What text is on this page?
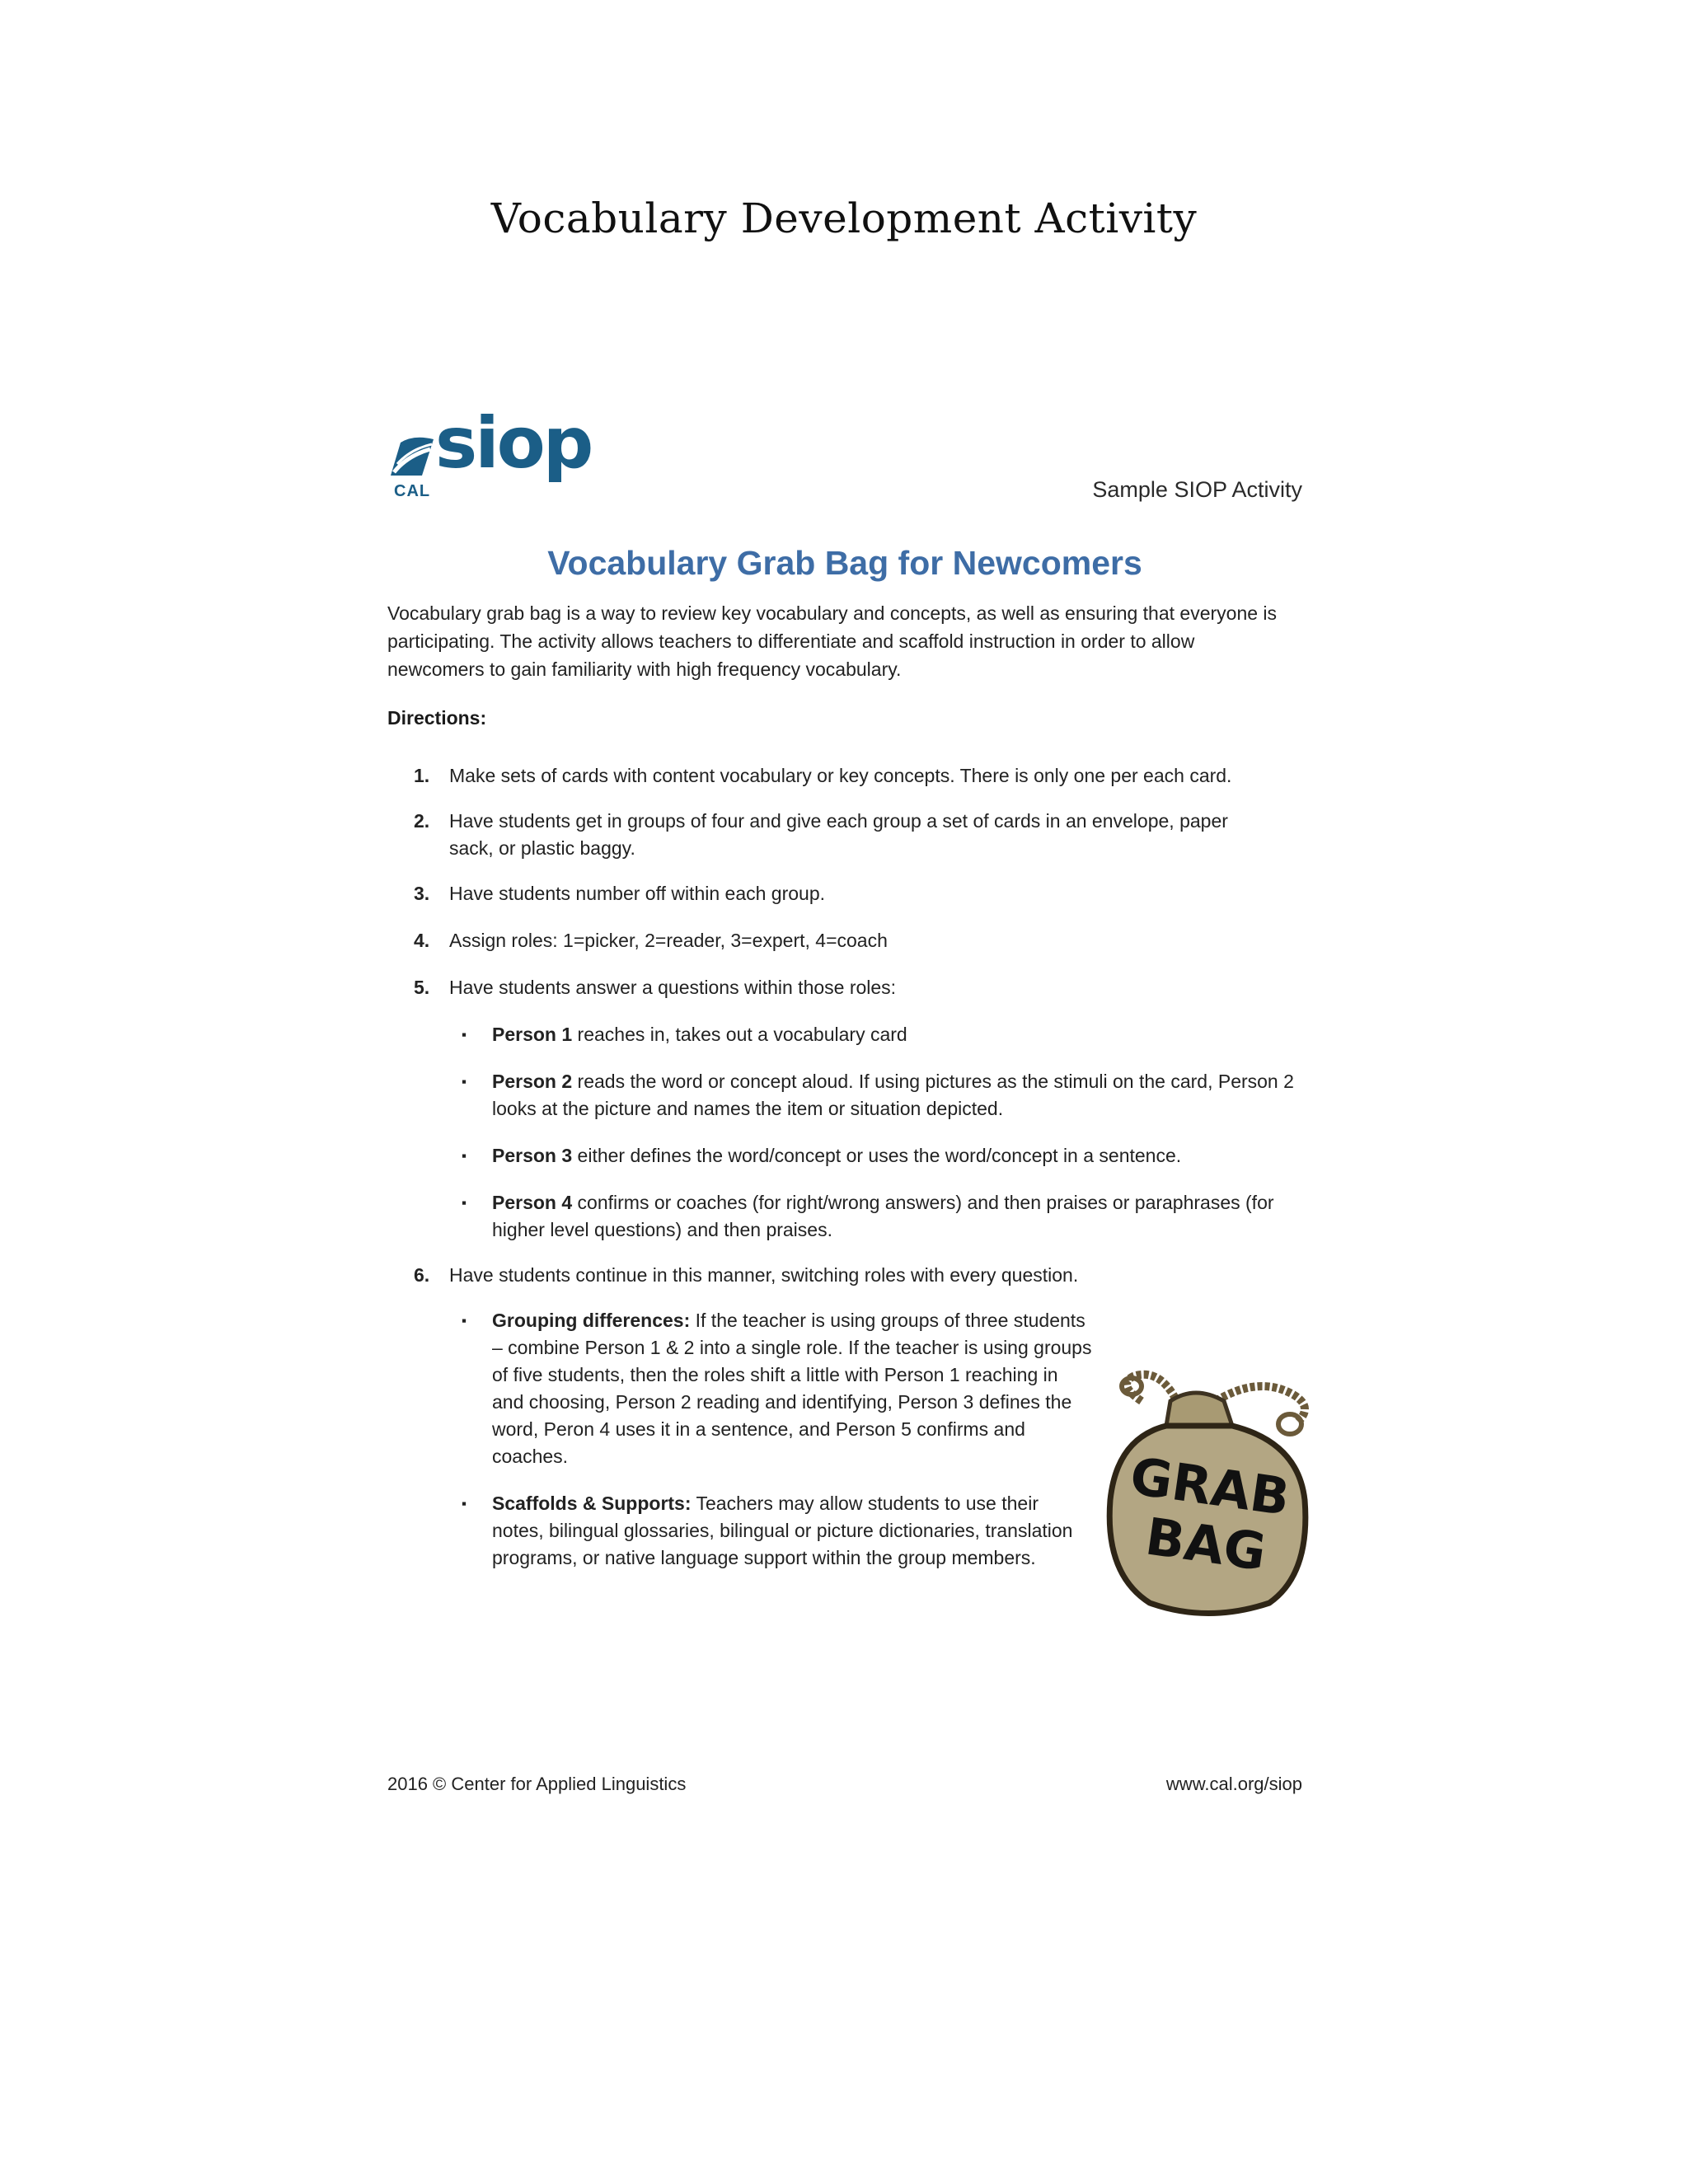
Vocabulary Development Activity
siop
CAL	Sample SIOP Activity
Vocabulary Grab Bag for Newcomers

Vocabulary grab bag is a way to review key vocabulary and concepts, as well as ensuring that everyone is participating. The activity allows teachers to differentiate and scaffold instruction in order to allow newcomers to gain familiarity with high frequency vocabulary.

Directions:

1. Make sets of cards with content vocabulary or key concepts. There is only one per each card.
2. Have students get in groups of four and give each group a set of cards in an envelope, paper sack, or plastic baggy.
3. Have students number off within each group.
4. Assign roles: 1=picker, 2=reader, 3=expert, 4=coach
5. Have students answer a questions within those roles:
▪ Person 1 reaches in, takes out a vocabulary card
▪ Person 2 reads the word or concept aloud. If using pictures as the stimuli on the card, Person 2 looks at the picture and names the item or situation depicted.
▪ Person 3 either defines the word/concept or uses the word/concept in a sentence.
▪ Person 4 confirms or coaches (for right/wrong answers) and then praises or paraphrases (for higher level questions) and then praises.
6. Have students continue in this manner, switching roles with every question.
▪ Grouping differences: If the teacher is using groups of three students – combine Person 1 & 2 into a single role. If the teacher is using groups of five students, then the roles shift a little with Person 1 reaching in and choosing, Person 2 reading and identifying, Person 3 defines the word, Peron 4 uses it in a sentence, and Person 5 confirms and coaches.
▪ Scaffolds & Supports: Teachers may allow students to use their notes, bilingual glossaries, bilingual or picture dictionaries, translation programs, or native language support within the group members.
GRAB
BAG
2016 © Center for Applied Linguistics	www.cal.org/siop
